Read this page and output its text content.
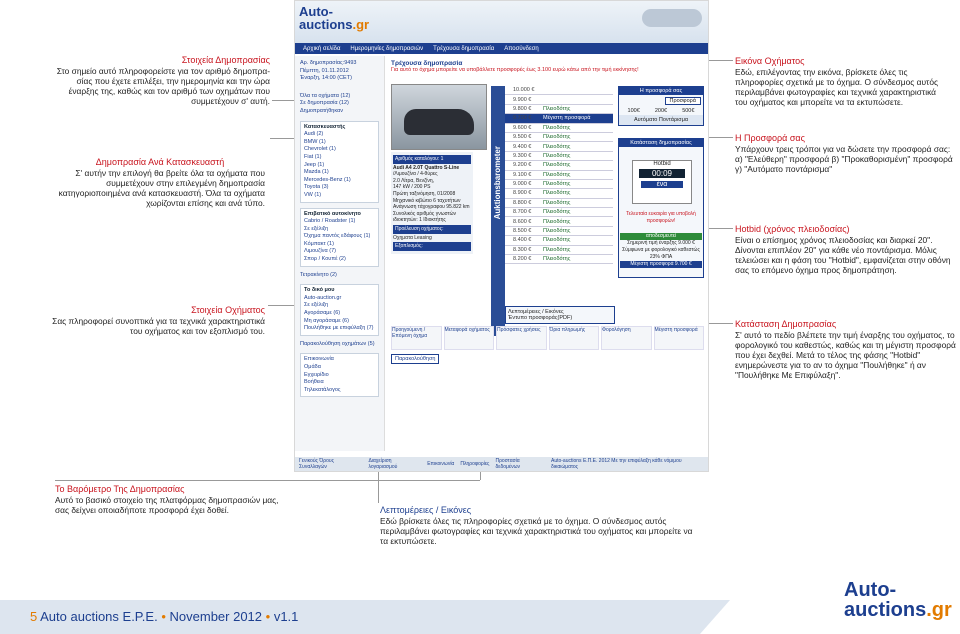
Στοιχεία Δημοπρασίας
Στο σημείο αυτό πληροφορείστε για τον αριθμό δημοπρα-σίας που έχετε επιλέξει, την ημερομηνία και την ώρα έναρξης της, καθώς και τον αριθμό των οχημάτων που συμμετέχουν σ' αυτή.
Δημοπρασία Ανά Κατασκευαστή
Σ' αυτήν την επιλογή θα βρείτε όλα τα οχήματα που συμμετέχουν στην επιλεγμένη δημοπρασία κατηγοριοποιημένα ανά κατασκευαστή. Όλα τα οχήματα χωρίζονται επίσης και ανά τύπο.
Στοιχεία Οχήματος
Σας πληροφορεί συνοπτικά για τα τεχνικά χαρακτηριστικά του οχήματος και τον εξοπλισμό του.
Το Βαρόμετρο Της Δημοπρασίας
Αυτό το βασικό στοιχείο της πλατφόρμας δημοπρασιών μας, σας δείχνει οποιαδήποτε προσφορά έχει δοθεί.	Λεπτομέρειες / Εικόνες
Εδώ βρίσκετε όλες τις πληροφορίες σχετικά με το όχημα. Ο σύνδεσμος αυτός περιλαμβάνει φωτογραφίες και τεχνικά χαρακτηριστικά του οχήματος και μπορείτε να τα εκτυπώσετε.
Εικόνα Οχήματος
Εδώ, επιλέγοντας την εικόνα, βρίσκετε όλες τις πληροφορίες σχετικά με το όχημα. Ο σύνδεσμος αυτός περιλαμβάνει φωτογραφίες και τεχνικά χαρακτηριστικά του οχήματος και μπορείτε να τα εκτυπώσετε.
Η Προσφορά σας
Υπάρχουν τρεις τρόποι για να δώσετε την προσφορά σας: α) "Ελεύθερη" προσφορά β) "Προκαθορισμένη" προσφορά γ) "Αυτόματο ποντάρισμα"
Hotbid (χρόνος πλειοδοσίας)
Είναι ο επίσημος χρόνος πλειοδοσίας και διαρκεί 20''. Δίνονται επιπλέον 20'' για κάθε νέο ποντάρισμα. Μόλις τελειώσει και η φάση του "Hotbid", εμφανίζεται στην οθόνη σας το επόμενο όχημα προς δημοπράτηση.
Κατάσταση Δημοπρασίας
Σ' αυτό το πεδίο βλέπετε την τιμή έναρξης του οχήματος, το φορολογικό του καθεστώς, καθώς και τη μέγιστη προσφορά που έχει δεχθεί. Μετά το τέλος της φάσης "Hotbid" ενημερώνεστε για το αν το όχημα "Πουλήθηκε" ή αν "Πουλήθηκε Με Επιφύλαξη".
Auto-
auctions.gr
Αρχική σελίδα Ημερομηνίες δημοπρασιών Τρέχουσα δημοπρασία Αποσύνδεση
Αρ. δημοπρασίας:9493
Πέμπτη, 01.11.2012
Έναρξη, 14:00 (CET)
Όλα τα οχήματα (12)
Σε δημοπρασία (12)
Δημοπρατήθηκαν
Κατασκευαστής
Audi (2)
BMW (1)
Chevrolet (1)
Fiat (1)
Jeep (1)
Mazda (1)
Mercedes-Benz (1)
Toyota (3)
VW (1)
Επιβατικό αυτοκίνητο
Cabrio / Roadster (1)
Σε εξέλιξη
Όχημα παντός εδάφους (1)
Κόμπακτ (1)
Λιμουζίνα (7)
Σπορ / Κουπέ (2)
Τετρακίνητο (2)
Το δικό μου
Auto-auction.gr
Σε εξέλιξη
Αγοράσαμε (6)
Μη αγοράσαμε (6)
Πουλήθηκε με επιφύλαξη (7)
Παρακολούθηση οχημάτων (5)
Επικοινωνία
Ομάδα
Εγχειρίδιο
Βοήθεια
Τηλεκατάλογος
Τρέχουσα δημοπρασία
Για αυτό το όχημα μπορείτε να υποβάλλετε προσφορές έως 3.100 ευρώ κάτω από την τιμή εκκίνησης!
Αριθμός καταλόγου: 1
Audi A4 2.0T Quattro S-Line
/Λιμουζίνα / 4-θύρες
2.0 Λίτρα, Βενζίνη,
147 kW / 200 PS
Πρώτη ταξινόμηση, 01/2008
Μηχανικό κιβώτιο 6 ταχυτήτων
Ανάγνωση τάχογραφου 95.822 km
Συνολικός αριθμός γνωστών ιδιοκτητών: 1 Ιδιοκτήτης
Προέλευση οχήματος:
Οχηματα Leasing
Εξοπλισμός:
Auktionsbarometer
10.000 €
9.900 €
9.800 €	Πλειοδότης
9.700 €	Μέγιστη προσφορά
9.600 €	Πλειοδότης
9.500 €	Πλειοδότης
9.400 €	Πλειοδότης
9.300 €	Πλειοδότης
9.200 €	Πλειοδότης
9.100 €	Πλειοδότης
9.000 €	Πλειοδότης
8.900 €	Πλειοδότης
8.800 €	Πλειοδότης
8.700 €	Πλειοδότης
8.600 €	Πλειοδότης
8.500 €	Πλειοδότης
8.400 €	Πλειοδότης
8.300 €	Πλειοδότης
8.200 €	Πλειοδότης
Η προσφορά σας
Προσφορά
100€	200€	500€
Αυτόματο Ποντάρισμα
Κατάσταση δημοπρασίας
Hotbid
00:09
ένα
Τελευταία ευκαιρία για υποβολή προσφορών!
αποδεσμευτεί
Σημερινή τιμή έναρξης 9.000 €
Σύμφωνα με φορολογικό καθεστώς 23% ΦΠΑ
Μέγιστη προσφορά 9.700 €
Λεπτομέρειες / Εικόνες
Έντυπο προσφοράς(PDF)
Προηγούμενη / Επόμενη όχημα
Μεταφορά οχήματος	Πρόσφατες χρήσεις	Όρια πληρωμής	Φορολόγηση	Μέγιστη προσφορά
Παρακολούθηση
Γενικούς Όρους Συναλλαγών
Διαχείριση λογαριασμού	Επικοινωνία Πληροφορίες Προστασία δεδομένων
Auto-auctions Ε.Π.Ε. 2012 Με την επιφύλαξη κάθε νόμιμου δικαιώματος
5 Auto auctions E.P.E. • November 2012 • v1.1
Auto-
auctions.gr
